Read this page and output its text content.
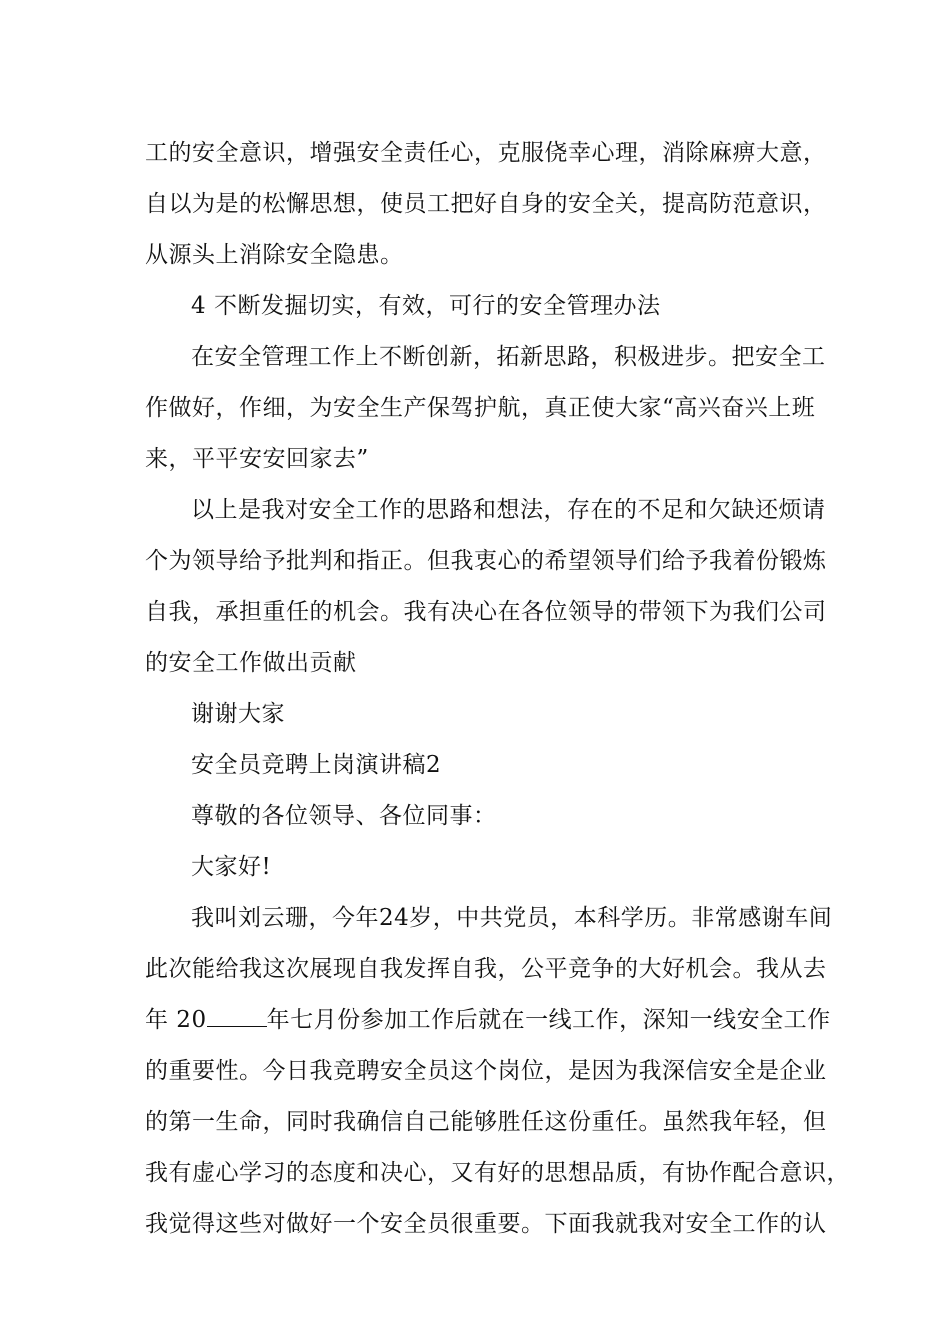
工的安全意识，增强安全责任心，克服侥幸心理，消除麻痹大意，
自以为是的松懈思想，使员工把好自身的安全关，提高防范意识，
从源头上消除安全隐患。
4 不断发掘切实，有效，可行的安全管理办法
在安全管理工作上不断创新，拓新思路，积极进步。把安全工
作做好，作细，为安全生产保驾护航，真正使大家“高兴奋兴上班
来，平平安安回家去”
以上是我对安全工作的思路和想法，存在的不足和欠缺还烦请
个为领导给予批判和指正。但我衷心的希望领导们给予我着份锻炼
自我，承担重任的机会。我有决心在各位领导的带领下为我们公司
的安全工作做出贡献
谢谢大家
安全员竞聘上岗演讲稿2
尊敬的各位领导、各位同事：
大家好!
我叫刘云珊，今年24岁，中共党员，本科学历。非常感谢车间
此次能给我这次展现自我发挥自我，公平竞争的大好机会。我从去
年 20	年七月份参加工作后就在一线工作，深知一线安全工作
的重要性。今日我竞聘安全员这个岗位，是因为我深信安全是企业
的第一生命，同时我确信自己能够胜任这份重任。虽然我年轻，但
我有虚心学习的态度和决心，又有好的思想品质，有协作配合意识，
我觉得这些对做好一个安全员很重要。下面我就我对安全工作的认
